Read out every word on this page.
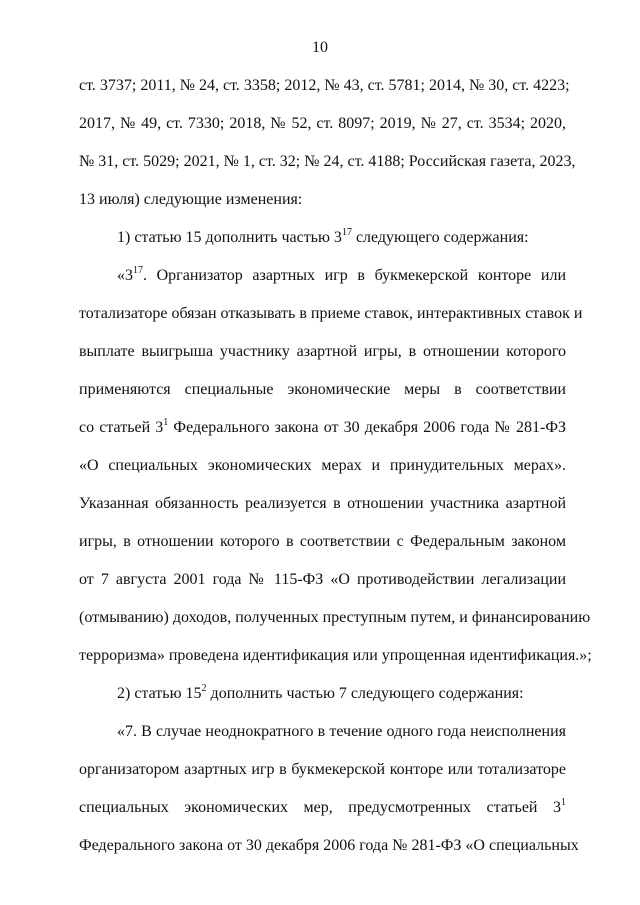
10
ст. 3737; 2011, № 24, ст. 3358; 2012, № 43, ст. 5781; 2014, № 30, ст. 4223;
2017, № 49, ст. 7330; 2018, № 52, ст. 8097; 2019, № 27, ст. 3534; 2020,
№ 31, ст. 5029; 2021, № 1, ст. 32; № 24, ст. 4188; Российская газета, 2023,
13 июля) следующие изменения:
1) статью 15 дополнить частью $3^{17}$ следующего содержания:
«$3^{17}$. Организатор азартных игр в букмекерской конторе или
тотализаторе обязан отказывать в приеме ставок, интерактивных ставок и
выплате выигрыша участнику азартной игры, в отношении которого
применяются специальные экономические меры в соответствии
со статьей $3^1$ Федерального закона от 30 декабря 2006 года № 281-ФЗ
«О специальных экономических мерах и принудительных мерах».
Указанная обязанность реализуется в отношении участника азартной
игры, в отношении которого в соответствии с Федеральным законом
от 7 августа 2001 года № 115-ФЗ «О противодействии легализации
(отмыванию) доходов, полученных преступным путем, и финансированию
терроризма» проведена идентификация или упрощенная идентификация.»;
2) статью $15^2$ дополнить частью 7 следующего содержания:
«7. В случае неоднократного в течение одного года неисполнения
организатором азартных игр в букмекерской конторе или тотализаторе
специальных экономических мер, предусмотренных статьей $3^1$
Федерального закона от 30 декабря 2006 года № 281-ФЗ «О специальных
